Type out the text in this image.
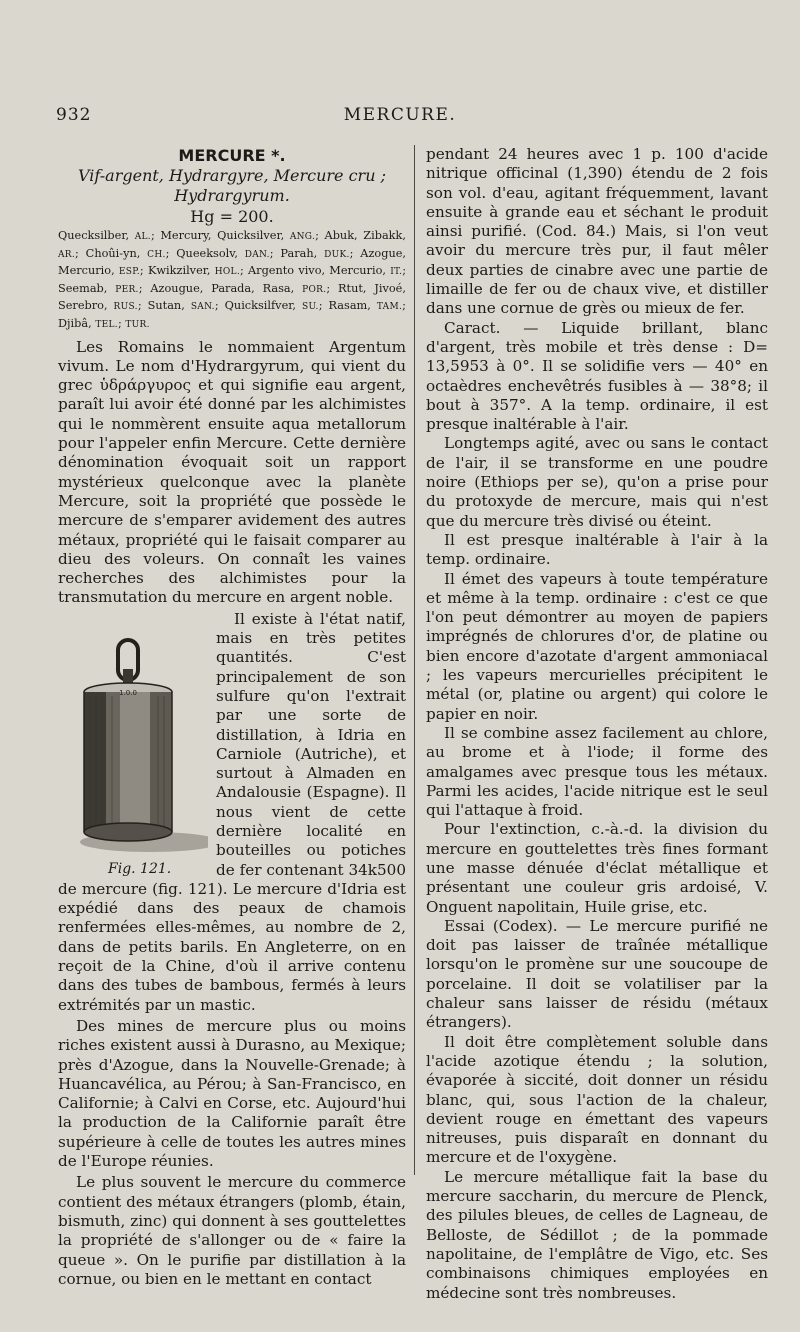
932	MERCURE.
MERCURE *.
Vif-argent, Hydrargyre, Mercure cru ;
Hydrargyrum.
Hg = 200.
Quecksilber, AL.; Mercury, Quicksilver, ANG.; Abuk, Zibakk, AR.; Choûi-yn, CH.; Queeksolv, DAN.; Parah, DUK.; Azogue, Mercurio, ESP.; Kwikzilver, HOL.; Argento vivo, Mercurio, IT.; Seemab, PER.; Azougue, Parada, Rasa, POR.; Rtut, Jivoé, Serebro, RUS.; Sutan, SAN.; Quicksilfver, SU.; Rasam, TAM.; Djibâ, TEL.; TUR.

Les Romains le nommaient Argentum vivum. Le nom d'Hydrargyrum, qui vient du grec ὑδράργυρος et qui signifie eau argent, paraît lui avoir été donné par les alchimistes qui le nommèrent ensuite aqua metallorum pour l'appeler enfin Mercure. Cette dernière dénomination évoquait soit un rapport mystérieux quelconque avec la planète Mercure, soit la propriété que possède le mercure de s'emparer avidement des autres métaux, propriété qui le faisait comparer au dieu des voleurs. On connaît les vaines recherches des alchimistes pour la transmutation du mercure en argent noble.

1.0.0
Fig. 121.

Il existe à l'état natif, mais en très petites quantités. C'est principalement de son sulfure qu'on l'extrait par une sorte de distillation, à Idria en Carniole (Autriche), et surtout à Almaden en Andalousie (Espagne). Il nous vient de cette dernière localité en bouteilles ou potiches de fer contenant 34k500 de mercure (fig. 121). Le mercure d'Idria est expédié dans des peaux de chamois renfermées elles-mêmes, au nombre de 2, dans de petits barils. En Angleterre, on en reçoit de la Chine, d'où il arrive contenu dans des tubes de bambous, fermés à leurs extrémités par un mastic.

Des mines de mercure plus ou moins riches existent aussi à Durasno, au Mexique; près d'Azogue, dans la Nouvelle-Grenade; à Huancavélica, au Pérou; à San-Francisco, en Californie; à Calvi en Corse, etc. Aujourd'hui la production de la Californie paraît être supérieure à celle de toutes les autres mines de l'Europe réunies.

Le plus souvent le mercure du commerce contient des métaux étrangers (plomb, étain, bismuth, zinc) qui donnent à ses gouttelettes la propriété de s'allonger ou de « faire la queue ». On le purifie par distillation à la cornue, ou bien en le mettant en contact

pendant 24 heures avec 1 p. 100 d'acide nitrique officinal (1,390) étendu de 2 fois son vol. d'eau, agitant fréquemment, lavant ensuite à grande eau et séchant le produit ainsi purifié. (Cod. 84.) Mais, si l'on veut avoir du mercure très pur, il faut mêler deux parties de cinabre avec une partie de limaille de fer ou de chaux vive, et distiller dans une cornue de grès ou mieux de fer.

Caract. — Liquide brillant, blanc d'argent, très mobile et très dense : D= 13,5953 à 0°. Il se solidifie vers — 40° en octaèdres enchevêtrés fusibles à — 38°8; il bout à 357°. A la temp. ordinaire, il est presque inaltérable à l'air.

Longtemps agité, avec ou sans le contact de l'air, il se transforme en une poudre noire (Ethiops per se), qu'on a prise pour du protoxyde de mercure, mais qui n'est que du mercure très divisé ou éteint.

Il est presque inaltérable à l'air à la temp. ordinaire.

Il émet des vapeurs à toute température et même à la temp. ordinaire : c'est ce que l'on peut démontrer au moyen de papiers imprégnés de chlorures d'or, de platine ou bien encore d'azotate d'argent ammoniacal ; les vapeurs mercurielles précipitent le métal (or, platine ou argent) qui colore le papier en noir.

Il se combine assez facilement au chlore, au brome et à l'iode; il forme des amalgames avec presque tous les métaux. Parmi les acides, l'acide nitrique est le seul qui l'attaque à froid.

Pour l'extinction, c.-à.-d. la division du mercure en gouttelettes très fines formant une masse dénuée d'éclat métallique et présentant une couleur gris ardoisé, V. Onguent napolitain, Huile grise, etc.

Essai (Codex). — Le mercure purifié ne doit pas laisser de traînée métallique lorsqu'on le promène sur une soucoupe de porcelaine. Il doit se volatiliser par la chaleur sans laisser de résidu (métaux étrangers).

Il doit être complètement soluble dans l'acide azotique étendu ; la solution, évaporée à siccité, doit donner un résidu blanc, qui, sous l'action de la chaleur, devient rouge en émettant des vapeurs nitreuses, puis disparaît en donnant du mercure et de l'oxygène.

Le mercure métallique fait la base du mercure saccharin, du mercure de Plenck, des pilules bleues, de celles de Lagneau, de Belloste, de Sédillot ; de la pommade napolitaine, de l'emplâtre de Vigo, etc. Ses combinaisons chimiques employées en médecine sont très nombreuses.
